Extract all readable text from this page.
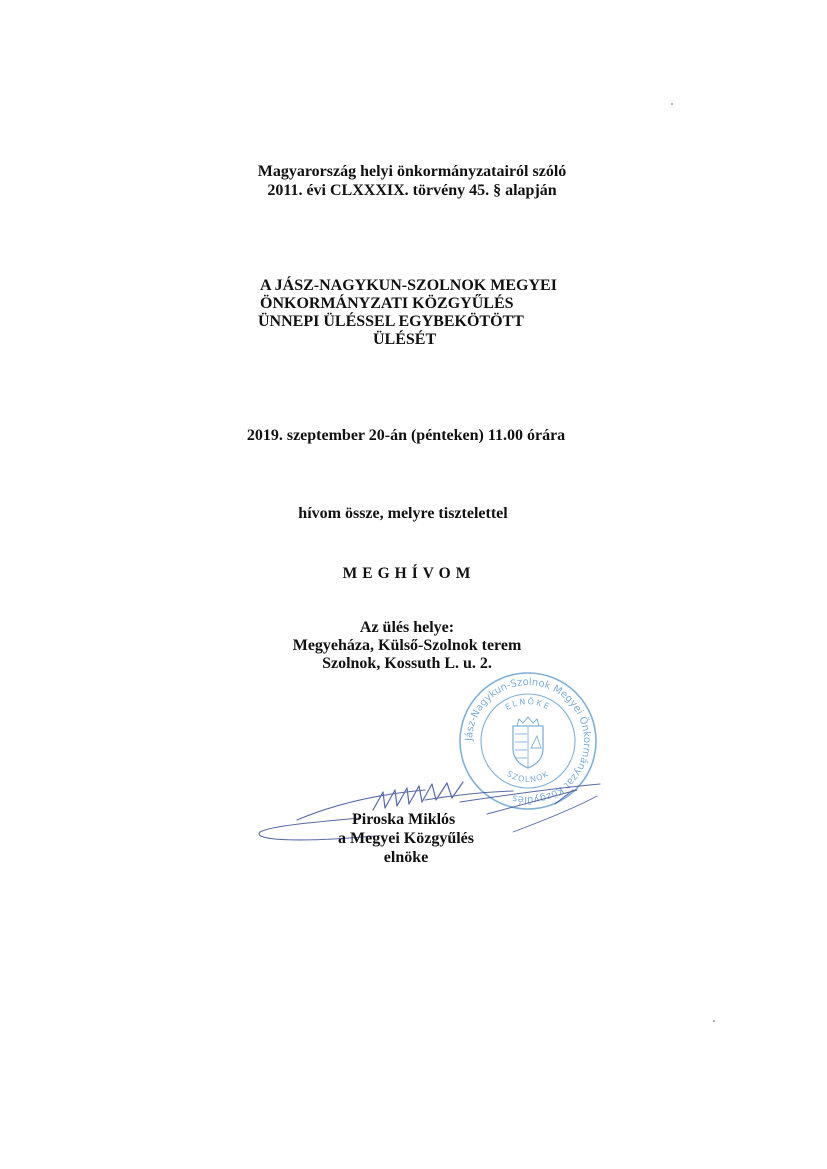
Magyarország helyi önkormányzatairól szóló
2011. évi CLXXXIX. törvény 45. § alapján
A JÁSZ-NAGYKUN-SZOLNOK MEGYEI
ÖNKORMÁNYZATI KÖZGYŰLÉS
ÜNNEPI ÜLÉSSEL EGYBEKÖTÖTT
ÜLÉSÉT
2019. szeptember 20-án (pénteken) 11.00 órára
hívom össze, melyre tisztelettel
MEGHÍVOM
Az ülés helye:
Megyeháza, Külső-Szolnok terem
Szolnok, Kossuth L. u. 2.
Jász-Nagykun-Szolnok Megyei Önkormányzat Közgyűlés
ELNÖKE
SZOLNOK
Piroska Miklós
a Megyei Közgyűlés
elnöke
